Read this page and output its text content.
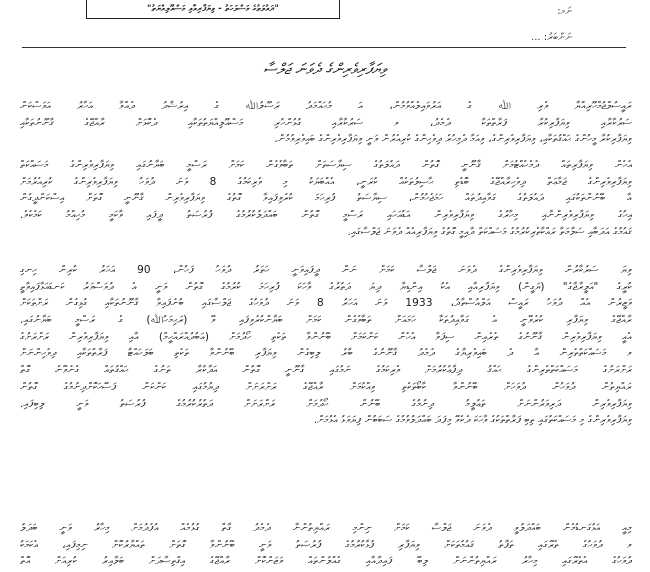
"ދައުލަތުގެ މަސްލަހަތު - ވިޔަފާރިއާއި މަސްއޫލިއްޔަތު"	ނަމ:
ނަންބަރު: ...
ވިޔަފާރިވެރިންގެ ދެވަނަ ޖަލްސާ
ރައީސުލްޖުމްހޫރިއްޔާ ވެރި ﷲ ގެ އަރުވައިލެއްވުމުން، އަ މުޙައްމަދު ރަސޫލުﷲ ގެ އިރުޝާދު ދެއްވާ އަހާރު އަވަސްކަން
ސަރުކާރާއި ވިޔަފާރިކުރާ ފަރާތްތަކާ ދެމެދު، ވ ސަރުކާރާއި ގުޅުންހުރި މަސްއޫލިއްޔަތުތަކާއި ދެކޮޅަށް ރާއްޖޭގެ ޤާނޫނުތަކާއި
ވިޔަފާރިކުރާ މީހުންގެ ޙައްޤުތަކާއި، ވިޔަފާރިވެރިންގެ، ވިއަމާ ދެމިހުރެ ދިވެހިންގެ ކުރިއެރުން ވަނީ ވިޔަފާރިވެރިންގެ ބައިވެރިވުމުން.
އެހެން ވިޔަފާރިތައް ދެމެހެއްޓުމަށް ޤާނޫނީ ގޮތުން ދައުލަތުގެ ސިޔާސަތަށް ތަބާވެގެން ކަމަށް ރަސްމީ ބަޔާނުގައި ވިޔަފާރިވެރިންގެ މަސައްކަތް
ވިޔަފާރިވެރިންގެ ޖަމާޢަތް ދިވެހިރާއްޖޭގެ ބޮޑެތި ޙާޞިލުތަކެއް ކުރަނީ، އެއްބަޔަކު މި ވެރިކަމުގެ 8 ވަނަ ދުވަހު ވިޔަފާރިވެރިންގެ ކުރިއެރުމަށް
އާ ބޭނުންތަކުގައި ދައުލަތުގެ ގަވާއިދުތައް ހަމަޖެހުމުން، ސިޔާސަތު ފުރިހަމަ ކުރެވިފައިވާ ގޮތުގެ ވިޔަފާރިވެރިން ޤާނޫނީ ގޮތަށް އިސްކަންދީގެން
އިހުގެ ވިޔަފާރިވެރިންނާއި މިހާރުގެ ވިޔަފާރިވެރިން އަޑުއަހައި ރަސްމީ ގޮތުން ބައްދަލުކުރުމުގެ ފުރުޞަތު ދީފައި ވާކަމީ މުހިއްމު ކަމެކެވެ.
ޤައުމުގެ އަދަބާއި ސަލާމަތާ ރައްކާތެރިކުރުމުގެ މަސައްކަތް ދާއިމީ ގޮތުގެ ވިޔަފާރިއެއް ދެވަނަ ޖަލްސާގައި.
ވިޔަ ސަރުކާރުން ވިޔަފާރިވެރިންގެ ދެވަނަ ޖަލްސާ ކަމަށް ނަން ދީފައިވަނީ ހަތަރު ދުވަހު ފަހުން، 90 އަހަރު ކުރިން ހިނގި
ކުރީގެ "އަލީރާޖާގެ" (ޔަގީން) ވިޔަފާރިއާއި އެކު އިންޑިޔާ ދިޔަ ދަތުރުގެ ވާހަކަ ފުރިހަމަ ކުރުމުގެ ގޮތުން ވަނީ އެ ދުވަސްވަރު ކަނޑައަޅާފައިވާތީ
ވަޒީރުން އެއް ދުވަހު ރައީސް އަލްއުސްތާޛު، 1933 ވަނަ އަހަރު 8 ވަނަ ދުވަހުގެ ޖަލްސާގައި ބުނެފައިވާ ޤާނޫނުތަކާއި ގުޅިގެން ރަށްތަކަށް
ރާއްޖޭގެ ވިޔަފާރި ކުރެވޭނީ އެ ގަވާއިދުތަކާ ހަމައަށް ތަބާވެގެން ކަމަށް ބަޔާންކުރެވިފައި ވޭ (ރަޙިމަހުﷲ) ގެ ރަސްމީ ބަޔާނުގައި.
އެއީ ވިޔަފާރިވެރިން ޤާނޫނުގެ ތެރެއިން ސިފަވާ އެހެން ކަންކަމަށް ބޭނުންވާ ތަކެތި ހޯދުމަށް (އަބުދުއްރައްޙީމް) އާއި ވިޔަފާރިވެރިން ރަށްރަށުގެ
ވ މަސައްކަތްތެރިން އާ ދެ ބައިވެރިޔާގެ ދެމެދު ޤާނޫނުގެ ބާރު ލިބިގެން ވިޔަފާރި ބޭނުންވާ ތަކެތި ބަލަހައްޓާ ފަރާތްތަކާއި ދިވެހިންނަށް
ރަށްރަށުގެ މަސައްކަތްތެރިންގެ ޙައްޤު ދިފާޢުކުރުމަށް ވެރިކަމުގެ ނަމުގައި ގާނޫނީ ގޮތުން އަދާކުރާ ތަނުގެ ޙައްޤުތައް ގެނެވޭނެ ގޮތް
ރައްޔިތުން ދުވަހުން ދުވަހަށް ބޭނުންވާ ކާބޯތަކެތި ވިއްކުމަށް ރާއްޖޭގެ ރަށްރަށަށް ދިޔުމުގައި ކަންކަން ފަސޭހަކޮށްދިނުމުގެ ގޮތުން
ވިޔަފާރިވެރިން ދަރިވަރުންނަށް ތަޢުލީމު ދިނުމުގެ ބޭނުން ހޯދުމަށް ރަށްރަށަށް ދަތުރުކުރުމުގެ ފުރުޞަތު ވަނީ ލިބިފައި.
ވިޔަފާރިވެރިންގެ މި މަސައްކަތުގައި ތިބި ފަރާތްތަކުގެ ވާހަކަ ދެކެވޭ މިފަދަ ބައްދަލުވުމުގެ ސަބަބުން ފިޔަވަޅު އެޅުމަށް.
މިއީ އަޅުގަނޑުމެން ބައްދަލުވީ ދެވަނަ ޖަލްސާ ކަމަށް ނިންމި ރައްޔިތުންނާ ދެމެދު ގާތް ގުޅުމެއް އުފެދުމަށް މިހާރު ވަނީ ބަދަލު
ވ ދުވަހުގެ ތެރޭގައި ތަފާތު ޤައުމުތަކަށް ވިޔަފާރި ފުޅާކުރުމުގެ ފުރުޞަތު ވަނީ ބޭނުންވާ ގޮތަށް ތައްޔާރުކޮށް ނިމިފައި، އެކަމަކު
ދުވަހުގެ އެތެރޭގައި މިހާރު ރައްޔިތުންނަށް ލިބޭ ފައިދާއާއި ގެއްލުންތައް ވަޒަންކޮށް ރާއްޖޭގެ އިޤްތިޞާދަށް ބަލާއިރު ކުރިއަށް އޮތް
